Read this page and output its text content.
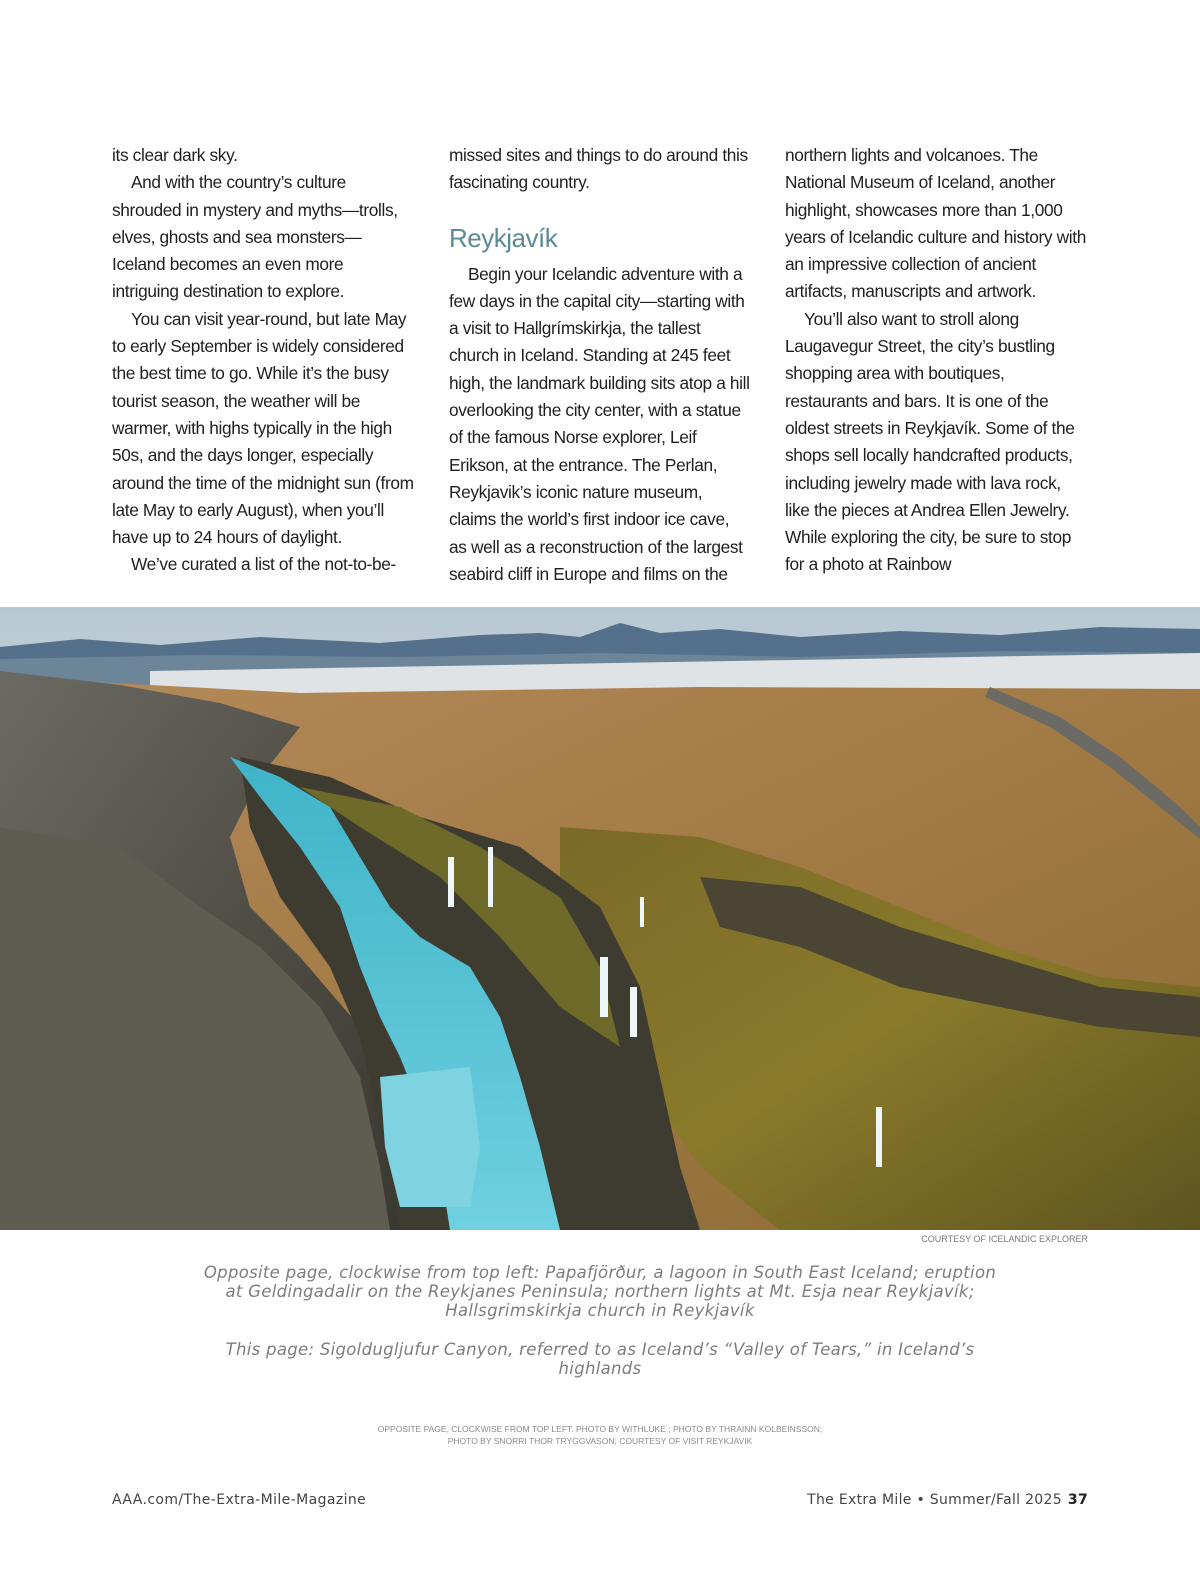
its clear dark sky.

And with the country’s culture shrouded in mystery and myths—trolls, elves, ghosts and sea monsters—Iceland becomes an even more intriguing destination to explore.

You can visit year-round, but late May to early September is widely considered the best time to go. While it’s the busy tourist season, the weather will be warmer, with highs typically in the high 50s, and the days longer, especially around the time of the midnight sun (from late May to early August), when you’ll have up to 24 hours of daylight.

We’ve curated a list of the not-to-be-

missed sites and things to do around this fascinating country.

Reykjavík

Begin your Icelandic adventure with a few days in the capital city—starting with a visit to Hallgrímskirkja, the tallest church in Iceland. Standing at 245 feet high, the landmark building sits atop a hill overlooking the city center, with a statue of the famous Norse explorer, Leif Erikson, at the entrance. The Perlan, Reykjavik’s iconic nature museum, claims the world’s first indoor ice cave, as well as a reconstruction of the largest seabird cliff in Europe and films on the

northern lights and volcanoes. The National Museum of Iceland, another highlight, showcases more than 1,000 years of Icelandic culture and history with an impressive collection of ancient artifacts, manuscripts and artwork.

You’ll also want to stroll along Laugavegur Street, the city’s bustling shopping area with boutiques, restaurants and bars. It is one of the oldest streets in Reykjavík. Some of the shops sell locally handcrafted products, including jewelry made with lava rock, like the pieces at Andrea Ellen Jewelry. While exploring the city, be sure to stop for a photo at Rainbow

COURTESY OF ICELANDIC EXPLORER
Opposite page, clockwise from top left: Papafjörður, a lagoon in South East Iceland; eruption at Geldingadalir on the Reykjanes Peninsula; northern lights at Mt. Esja near Reykjavík; Hallsgrimskirkja church in Reykjavík
This page: Sigoldugljufur Canyon, referred to as Iceland’s “Valley of Tears,” in Iceland’s highlands
OPPOSITE PAGE, CLOCKWISE FROM TOP LEFT: PHOTO BY WITHLUKE ; PHOTO BY THRAINN KOLBEINSSON;
PHOTO BY SNORRI THOR TRYGGVASON; COURTESY OF VISIT REYKJAVIK
AAA.com/The-Extra-Mile-Magazine	The Extra Mile • Summer/Fall 2025 37
